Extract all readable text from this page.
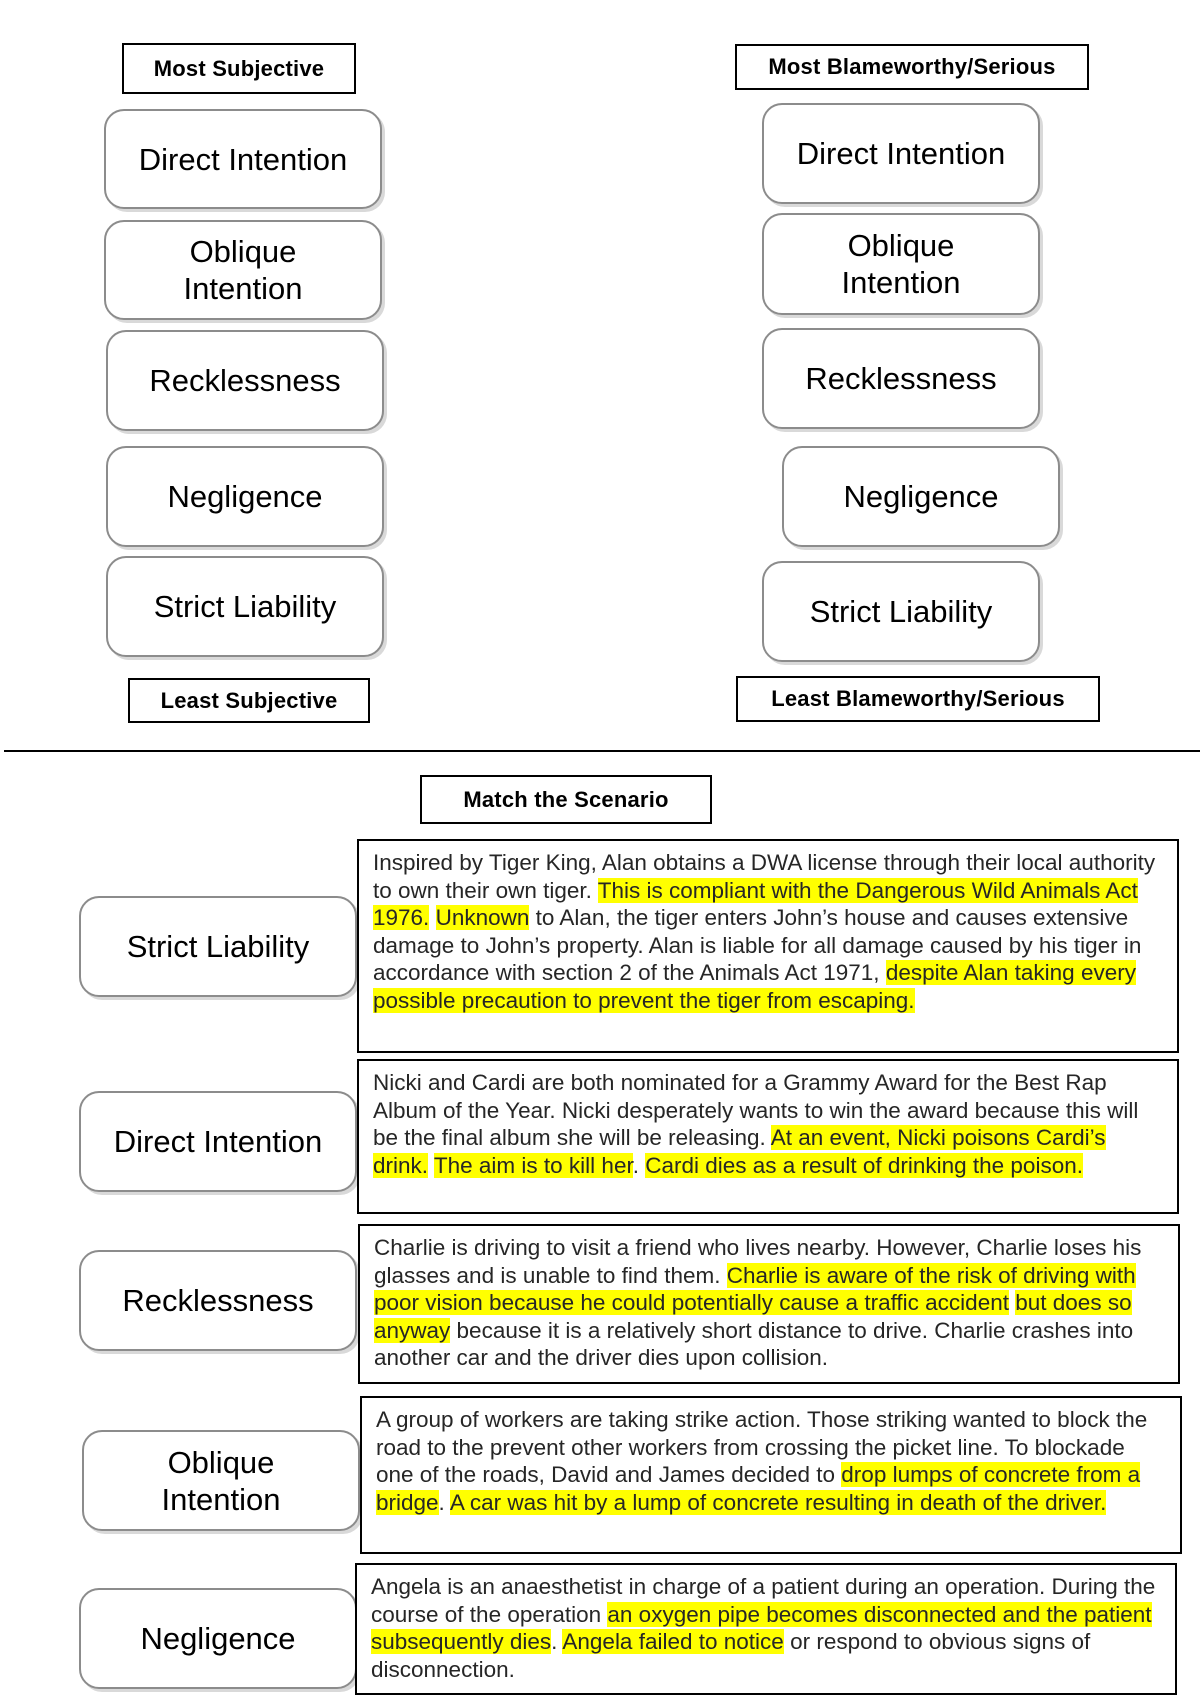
Most Subjective
Direct Intention
Oblique
Intention
Recklessness
Negligence
Strict Liability
Least Subjective
Most Blameworthy/Serious
Direct Intention
Oblique
Intention
Recklessness
Negligence
Strict Liability
Least Blameworthy/Serious
Match the Scenario
Strict Liability
Inspired by Tiger King, Alan obtains a DWA license through their local authority to own their own tiger. This is compliant with the Dangerous Wild Animals Act 1976. Unknown to Alan, the tiger enters John’s house and causes extensive damage to John’s property. Alan is liable for all damage caused by his tiger in accordance with section 2 of the Animals Act 1971, despite Alan taking every possible precaution to prevent the tiger from escaping.
Direct Intention
Nicki and Cardi are both nominated for a Grammy Award for the Best Rap Album of the Year. Nicki desperately wants to win the award because this will be the final album she will be releasing. At an event, Nicki poisons Cardi’s drink. The aim is to kill her. Cardi dies as a result of drinking the poison.
Recklessness
Charlie is driving to visit a friend who lives nearby. However, Charlie loses his glasses and is unable to find them. Charlie is aware of the risk of driving with poor vision because he could potentially cause a traffic accident but does so anyway because it is a relatively short distance to drive. Charlie crashes into another car and the driver dies upon collision.
Oblique
Intention
A group of workers are taking strike action. Those striking wanted to block the road to the prevent other workers from crossing the picket line. To blockade one of the roads, David and James decided to drop lumps of concrete from a bridge. A car was hit by a lump of concrete resulting in death of the driver.
Negligence
Angela is an anaesthetist in charge of a patient during an operation. During the course of the operation an oxygen pipe becomes disconnected and the patient subsequently dies. Angela failed to notice or respond to obvious signs of disconnection.
